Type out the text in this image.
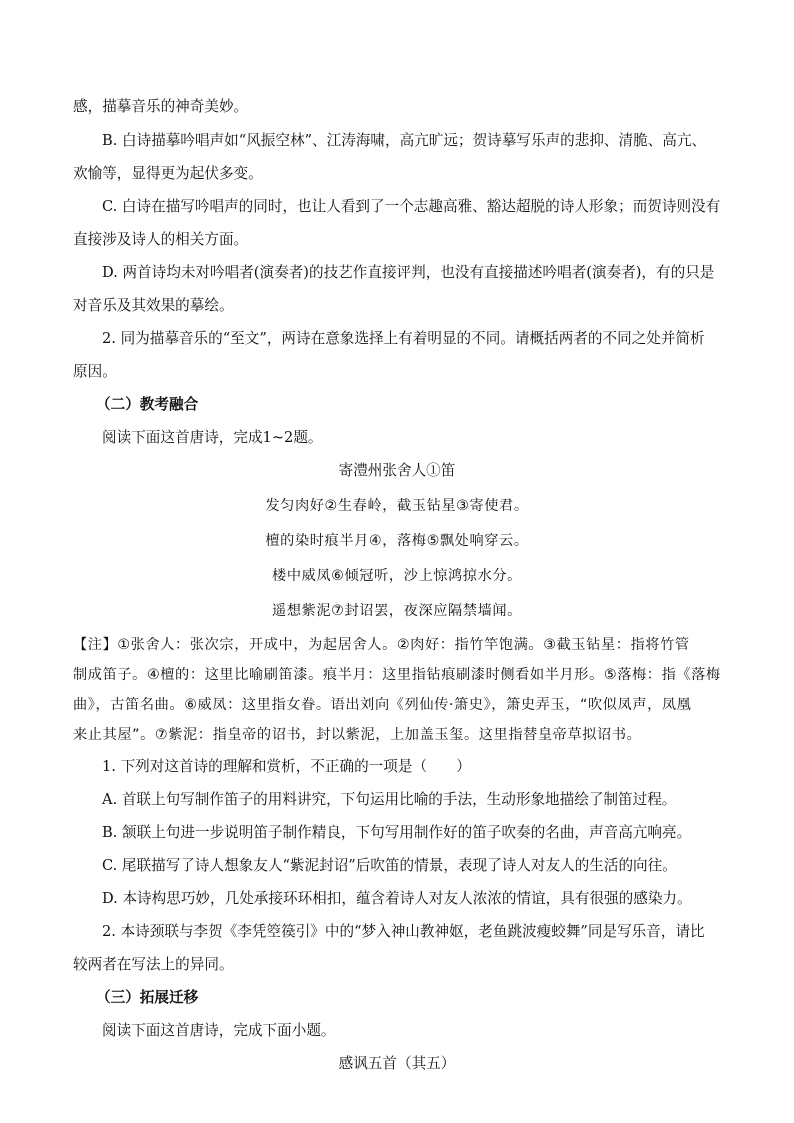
感，描摹音乐的神奇美妙。
B. 白诗描摹吟唱声如“风振空林”、江涛海啸，高亢旷远；贺诗摹写乐声的悲抑、清脆、高亢、
欢愉等，显得更为起伏多变。
C. 白诗在描写吟唱声的同时，也让人看到了一个志趣高雅、豁达超脱的诗人形象；而贺诗则没有
直接涉及诗人的相关方面。
D. 两首诗均未对吟唱者(演奏者)的技艺作直接评判，也没有直接描述吟唱者(演奏者)，有的只是
对音乐及其效果的摹绘。
2. 同为描摹音乐的“至文”，两诗在意象选择上有着明显的不同。请概括两者的不同之处并简析
原因。
（二）教考融合
阅读下面这首唐诗，完成1~2题。
寄澧州张舍人①笛
发匀肉好②生春岭，截玉钻星③寄使君。
檀的染时痕半月④，落梅⑤飘处响穿云。
楼中威凤⑥倾冠听，沙上惊鸿掠水分。
遥想紫泥⑦封诏罢，夜深应隔禁墙闻。
【注】①张舍人：张次宗，开成中，为起居舍人。②肉好：指竹竿饱满。③截玉钻星：指将竹管
制成笛子。④檀的：这里比喻刷笛漆。痕半月：这里指钻痕刷漆时侧看如半月形。⑤落梅：指《落梅
曲》，古笛名曲。⑥威凤：这里指女眷。语出刘向《列仙传·箫史》，箫史弄玉，“吹似凤声，凤凰
来止其屋”。⑦紫泥：指皇帝的诏书，封以紫泥，上加盖玉玺。这里指替皇帝草拟诏书。
1. 下列对这首诗的理解和赏析，不正确的一项是（　　）
A. 首联上句写制作笛子的用料讲究，下句运用比喻的手法，生动形象地描绘了制笛过程。
B. 颔联上句进一步说明笛子制作精良，下句写用制作好的笛子吹奏的名曲，声音高亢响亮。
C. 尾联描写了诗人想象友人“紫泥封诏”后吹笛的情景，表现了诗人对友人的生活的向往。
D. 本诗构思巧妙，几处承接环环相扣，蕴含着诗人对友人浓浓的情谊，具有很强的感染力。
2. 本诗颈联与李贺《李凭箜篌引》中的“梦入神山教神妪，老鱼跳波瘦蛟舞”同是写乐音，请比
较两者在写法上的异同。
（三）拓展迁移
阅读下面这首唐诗，完成下面小题。
感讽五首（其五）
